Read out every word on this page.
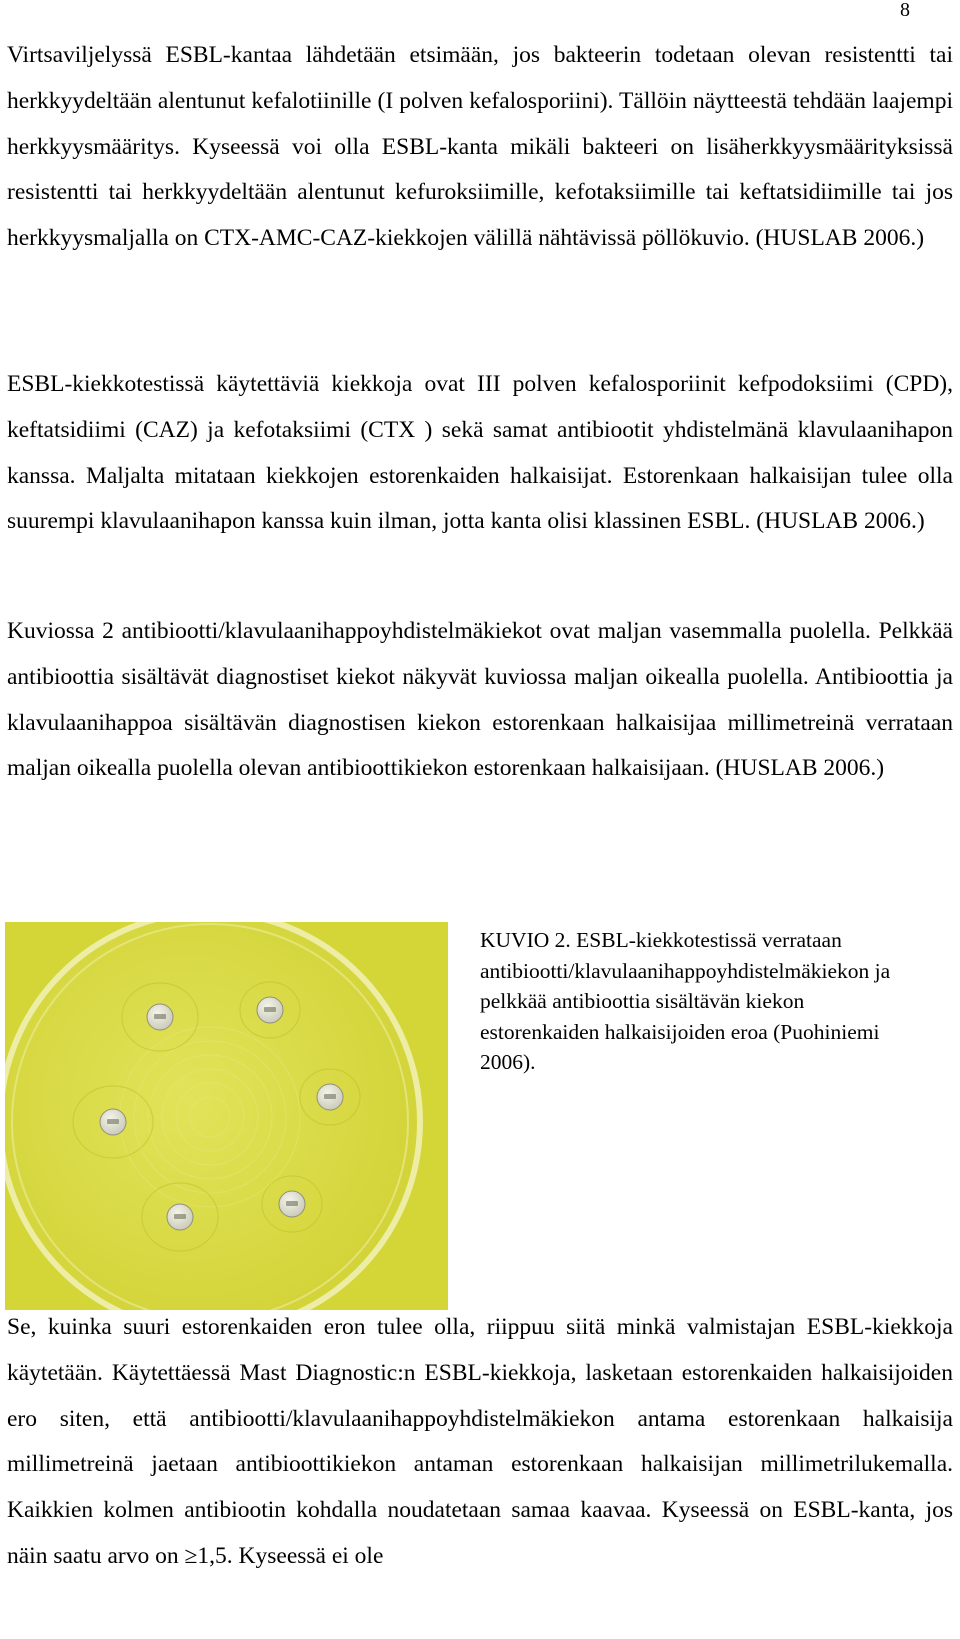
8

Virtsaviljelyssä ESBL-kantaa lähdetään etsimään, jos bakteerin todetaan olevan resistentti tai herkkyydeltään alentunut kefalotiinille (I polven kefalosporiini). Tällöin näytteestä tehdään laajempi herkkyysmääritys. Kyseessä voi olla ESBL-kanta mikäli bakteeri on lisäherkkyysmäärityksissä resistentti tai herkkyydeltään alentunut kefuroksiimille, kefotaksiimille tai keftatsidiimille tai jos herkkyysmaljalla on CTX-AMC-CAZ-kiekkojen välillä nähtävissä pöllökuvio. (HUSLAB 2006.)

ESBL-kiekkotestissä käytettäviä kiekkoja ovat III polven kefalosporiinit kefpodoksiimi (CPD), keftatsidiimi (CAZ) ja kefotaksiimi (CTX ) sekä samat antibiootit yhdistelmänä klavulaanihapon kanssa. Maljalta mitataan kiekkojen estorenkaiden halkaisijat. Estorenkaan halkaisijan tulee olla suurempi klavulaanihapon kanssa kuin ilman, jotta kanta olisi klassinen ESBL. (HUSLAB 2006.)

Kuviossa 2 antibiootti/klavulaanihappoyhdistelmäkiekot ovat maljan vasemmalla puolella. Pelkkää antibioottia sisältävät diagnostiset kiekot näkyvät kuviossa maljan oikealla puolella. Antibioottia ja klavulaanihappoa sisältävän diagnostisen kiekon estorenkaan halkaisijaa millimetreinä verrataan maljan oikealla puolella olevan antibioottikiekon estorenkaan halkaisijaan. (HUSLAB 2006.)

KUVIO 2. ESBL-kiekkotestissä verrataan antibiootti/klavulaanihappoyhdistelmäkiekon ja pelkkää antibioottia sisältävän kiekon estorenkaiden halkaisijoiden eroa (Puohiniemi 2006).

Se, kuinka suuri estorenkaiden eron tulee olla, riippuu siitä minkä valmistajan ESBL-kiekkoja käytetään. Käytettäessä Mast Diagnostic:n ESBL-kiekkoja, lasketaan estorenkaiden halkaisijoiden ero siten, että antibiootti/klavulaanihappoyhdistelmäkiekon antama estorenkaan halkaisija millimetreinä jaetaan antibioottikiekon antaman estorenkaan halkaisijan millimetrilukemalla. Kaikkien kolmen antibiootin kohdalla noudatetaan samaa kaavaa. Kyseessä on ESBL-kanta, jos näin saatu arvo on ≥1,5. Kyseessä ei ole
